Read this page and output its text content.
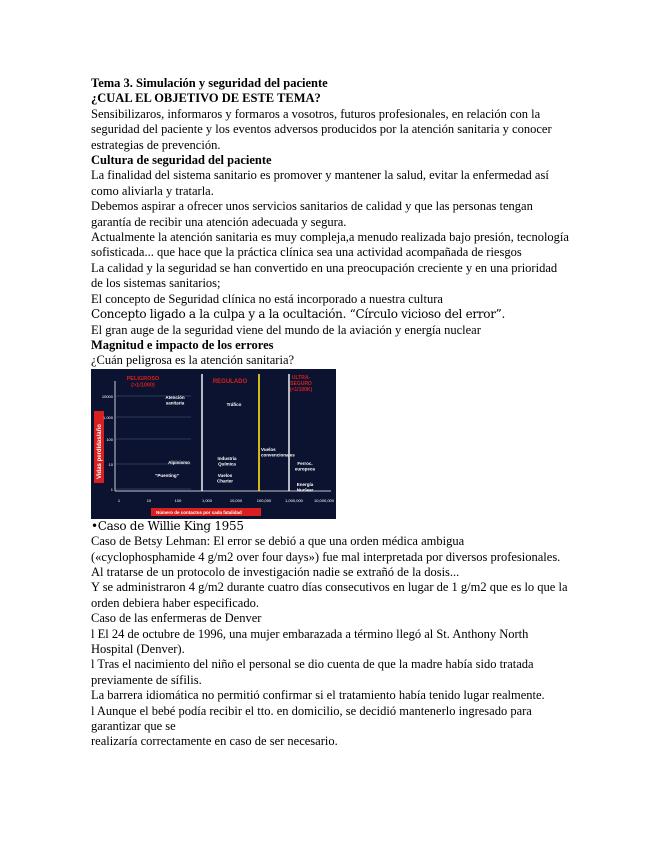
Tema 3. Simulación y seguridad del paciente

¿CUAL EL OBJETIVO DE ESTE TEMA?

Sensibilizaros, informaros y formaros a vosotros, futuros profesionales, en relación con la seguridad del paciente y los eventos adversos producidos por la atención sanitaria y conocer estrategias de prevención.

Cultura de seguridad del paciente

La finalidad del sistema sanitario es promover y mantener la salud, evitar la enfermedad así como aliviarla y tratarla.

Debemos aspirar a ofrecer unos servicios sanitarios de calidad y que las personas tengan garantía de recibir una atención adecuada y segura.

Actualmente la atención sanitaria es muy compleja,a menudo realizada bajo presión, tecnología sofisticada... que hace que la práctica clínica sea una actividad acompañada de riesgos

La calidad y la seguridad se han convertido en una preocupación creciente y en una prioridad de los sistemas sanitarios;

El concepto de Seguridad clínica no está incorporado a nuestra cultura

Concepto ligado a la culpa y a la ocultación. “Círculo vicioso del error”.

El gran auge de la seguridad viene del mundo de la aviación y energía nuclear

Magnitud e impacto de los errores

¿Cuán peligrosa es la atención sanitaria?

Vidas perdidas/año
10000
1,000
100
10
1
1	10	100	1,000	10,000	100,000	1,000,000	10,000,000
Número de contactos por cada fatalidad
PELIGROSO (>1/1000)
REGULADO
ULTRA-SEGURO (<1/100K)
Atención sanitaria	Tráfico
Alpinismo
“Puenting”
Industria Química
Vuelos Charter
Vuelos convencionales
Ferroc. europeos
Energía Nuclear

•Caso de Willie King 1955

Caso de Betsy Lehman: El error se debió a que una orden médica ambigua («cyclophosphamide 4 g/m2 over four days») fue mal interpretada por diversos profesionales. Al tratarse de un protocolo de investigación nadie se extrañó de la dosis...

Y se administraron 4 g/m2 durante cuatro días consecutivos en lugar de 1 g/m2 que es lo que la orden debiera haber especificado.

Caso de las enfermeras de Denver

l El 24 de octubre de 1996, una mujer embarazada a término llegó al St. Anthony North Hospital (Denver).

l Tras el nacimiento del niño el personal se dio cuenta de que la madre había sido tratada previamente de sífilis.

La barrera idiomática no permitió confirmar si el tratamiento había tenido lugar realmente.

l Aunque el bebé podía recibir el tto. en domicilio, se decidió mantenerlo ingresado para garantizar que se

realizaría correctamente en caso de ser necesario.
